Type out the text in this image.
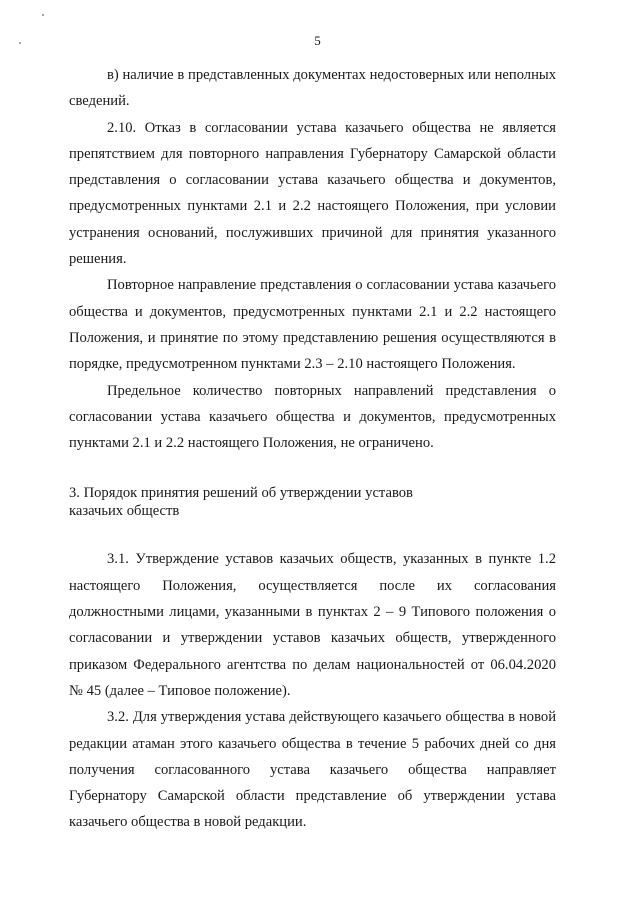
5

в) наличие в представленных документах недостоверных или неполных сведений.

2.10. Отказ в согласовании устава казачьего общества не является препятствием для повторного направления Губернатору Самарской области представления о согласовании устава казачьего общества и документов, предусмотренных пунктами 2.1 и 2.2 настоящего Положения, при условии устранения оснований, послуживших причиной для принятия указанного решения.

Повторное направление представления о согласовании устава казачьего общества и документов, предусмотренных пунктами 2.1 и 2.2 настоящего Положения, и принятие по этому представлению решения осуществляются в порядке, предусмотренном пунктами 2.3 – 2.10 настоящего Положения.

Предельное количество повторных направлений представления о согласовании устава казачьего общества и документов, предусмотренных пунктами 2.1 и 2.2 настоящего Положения, не ограничено.

3. Порядок принятия решений об утверждении уставов
казачьих обществ

3.1. Утверждение уставов казачьих обществ, указанных в пункте 1.2 настоящего Положения, осуществляется после их согласования должностными лицами, указанными в пунктах 2 – 9 Типового положения о согласовании и утверждении уставов казачьих обществ, утвержденного приказом Федерального агентства по делам национальностей от 06.04.2020 № 45 (далее – Типовое положение).

3.2. Для утверждения устава действующего казачьего общества в новой редакции атаман этого казачьего общества в течение 5 рабочих дней со дня получения согласованного устава казачьего общества направляет Губернатору Самарской области представление об утверждении устава казачьего общества в новой редакции.
